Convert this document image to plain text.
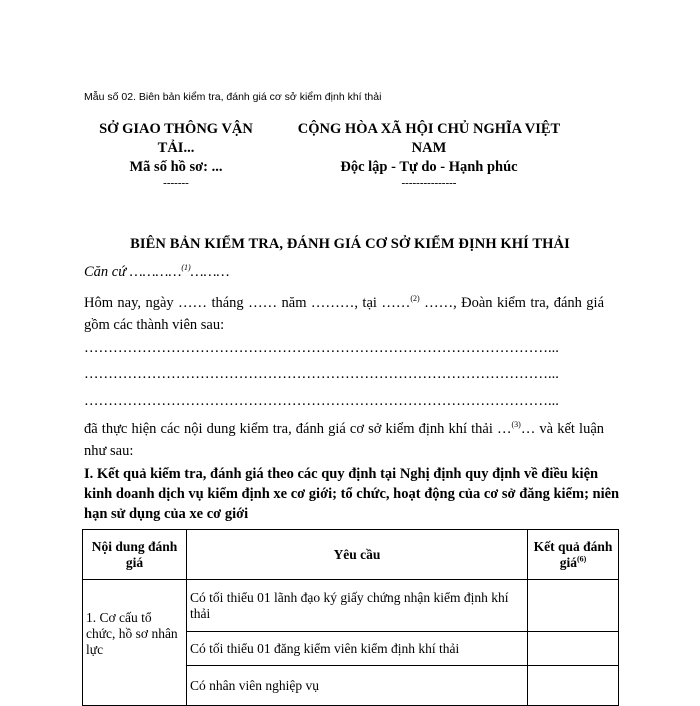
Mẫu số 02. Biên bản kiểm tra, đánh giá cơ sở kiểm định khí thải
SỞ GIAO THÔNG VẬN TẢI...
Mã số hồ sơ: ...
-------
CỘNG HÒA XÃ HỘI CHỦ NGHĨA VIỆT NAM
Độc lập - Tự do - Hạnh phúc
---------------
BIÊN BẢN KIỂM TRA, ĐÁNH GIÁ CƠ SỞ KIỂM ĐỊNH KHÍ THẢI
Căn cứ …………$^{(1)}$………
Hôm nay, ngày …… tháng …… năm ………, tại ……$^{(2)}$ ……, Đoàn kiểm tra, đánh giá gồm các thành viên sau:
……………………………………………………………………………………...
……………………………………………………………………………………...
……………………………………………………………………………………...
đã thực hiện các nội dung kiểm tra, đánh giá cơ sở kiểm định khí thải …$^{(3)}$… và kết luận như sau:
I. Kết quả kiểm tra, đánh giá theo các quy định tại Nghị định quy định về điều kiện kinh doanh dịch vụ kiểm định xe cơ giới; tổ chức, hoạt động của cơ sở đăng kiểm; niên hạn sử dụng của xe cơ giới
Nội dung đánh giá	Yêu cầu	Kết quả đánh giá$^{(6)}$
1. Cơ cấu tổ chức, hồ sơ nhân lực	Có tối thiểu 01 lãnh đạo ký giấy chứng nhận kiểm định khí thải	
	Có tối thiểu 01 đăng kiểm viên kiểm định khí thải	
	Có nhân viên nghiệp vụ	
